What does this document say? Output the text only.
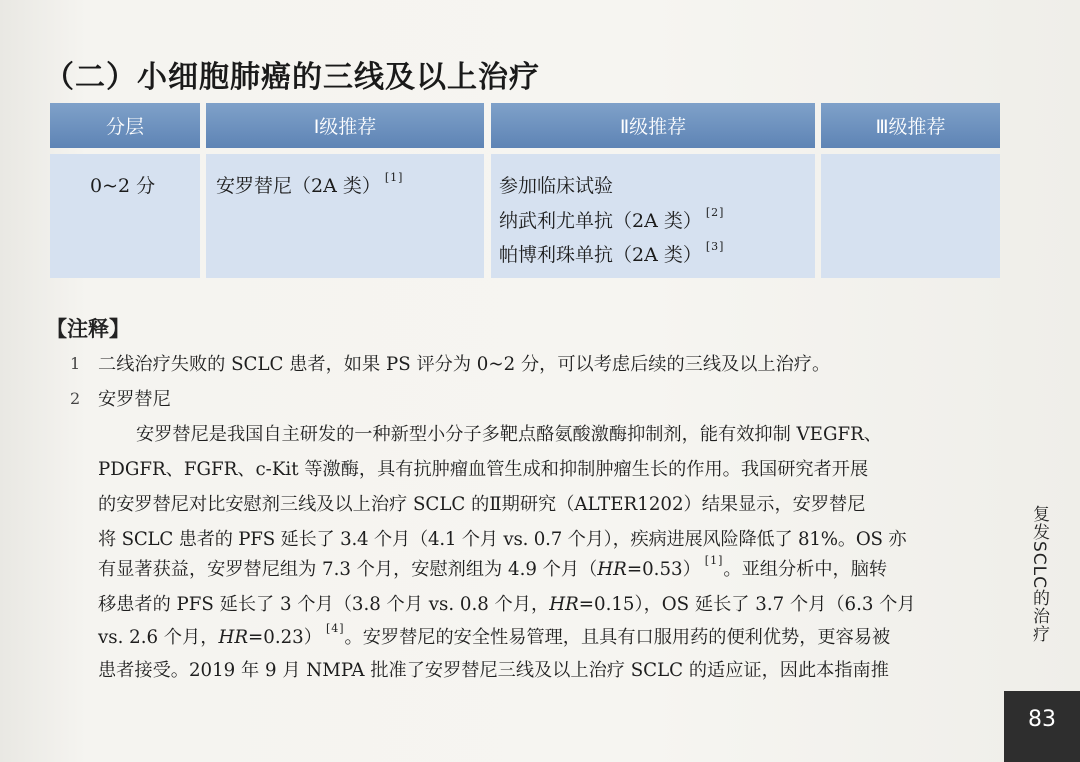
（二）小细胞肺癌的三线及以上治疗
分层	Ⅰ级推荐	Ⅱ级推荐	Ⅲ级推荐
0~2 分	安罗替尼（2A 类） [1]	参加临床试验
纳武利尤单抗（2A 类） [2]
帕博利珠单抗（2A 类） [3]
【注释】
1 二线治疗失败的 SCLC 患者，如果 PS 评分为 0~2 分，可以考虑后续的三线及以上治疗。
2 安罗替尼
安罗替尼是我国自主研发的一种新型小分子多靶点酪氨酸激酶抑制剂，能有效抑制 VEGFR、
PDGFR、FGFR、c-Kit 等激酶，具有抗肿瘤血管生成和抑制肿瘤生长的作用。我国研究者开展
的安罗替尼对比安慰剂三线及以上治疗 SCLC 的Ⅱ期研究（ALTER1202）结果显示，安罗替尼
将 SCLC 患者的 PFS 延长了 3.4 个月（4.1 个月 vs. 0.7 个月），疾病进展风险降低了 81%。OS 亦
有显著获益，安罗替尼组为 7.3 个月，安慰剂组为 4.9 个月（HR=0.53） [1]。亚组分析中，脑转
移患者的 PFS 延长了 3 个月（3.8 个月 vs. 0.8 个月，HR=0.15），OS 延长了 3.7 个月（6.3 个月
vs. 2.6 个月，HR=0.23） [4]。安罗替尼的安全性易管理，且具有口服用药的便利优势，更容易被
患者接受。2019 年 9 月 NMPA 批准了安罗替尼三线及以上治疗 SCLC 的适应证，因此本指南推
复发SCLC的治疗
83
